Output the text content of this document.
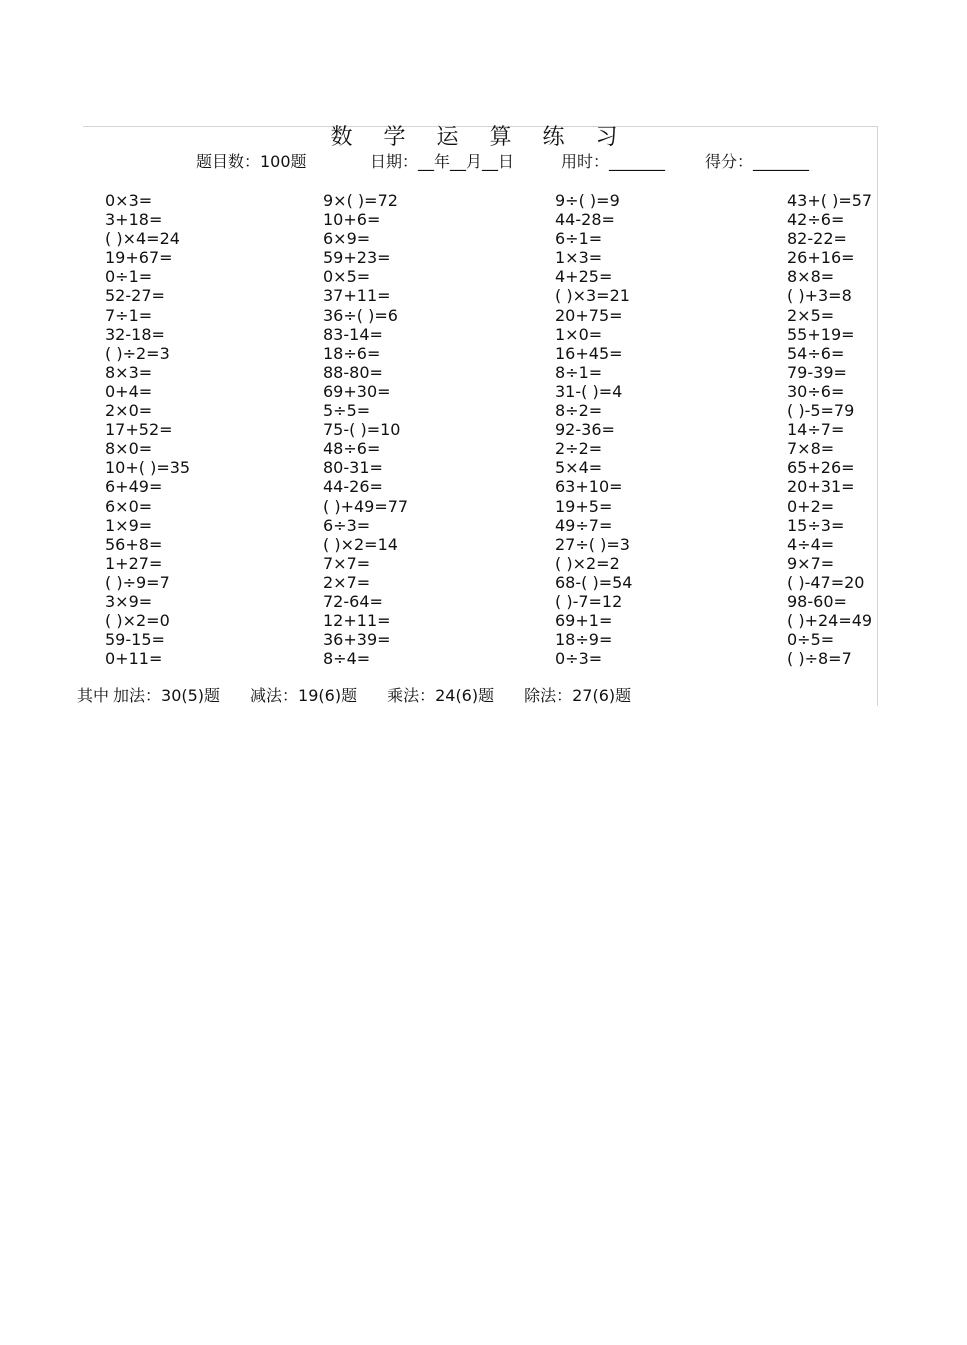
数 学 运 算 练 习
题目数：100题	日期：__年__月__日	用时：_______ 得分：_______
0×3=
3+18=
( )×4=24
19+67=
0÷1=
52-27=
7÷1=
32-18=
( )÷2=3
8×3=
0+4=
2×0=
17+52=
8×0=
10+( )=35
6+49=
6×0=
1×9=
56+8=
1+27=
( )÷9=7
3×9=
( )×2=0
59-15=
0+11=
9×( )=72
10+6=
6×9=
59+23=
0×5=
37+11=
36÷( )=6
83-14=
18÷6=
88-80=
69+30=
5÷5=
75-( )=10
48÷6=
80-31=
44-26=
( )+49=77
6÷3=
( )×2=14
7×7=
2×7=
72-64=
12+11=
36+39=
8÷4=
9÷( )=9
44-28=
6÷1=
1×3=
4+25=
( )×3=21
20+75=
1×0=
16+45=
8÷1=
31-( )=4
8÷2=
92-36=
2÷2=
5×4=
63+10=
19+5=
49÷7=
27÷( )=3
( )×2=2
68-( )=54
( )-7=12
69+1=
18÷9=
0÷3=
43+( )=57
42÷6=
82-22=
26+16=
8×8=
( )+3=8
2×5=
55+19=
54÷6=
79-39=
30÷6=
( )-5=79
14÷7=
7×8=
65+26=
20+31=
0+2=
15÷3=
4÷4=
9×7=
( )-47=20
98-60=
( )+24=49
0÷5=
( )÷8=7
其中 加法：30(5)题 减法：19(6)题 乘法：24(6)题 除法：27(6)题
